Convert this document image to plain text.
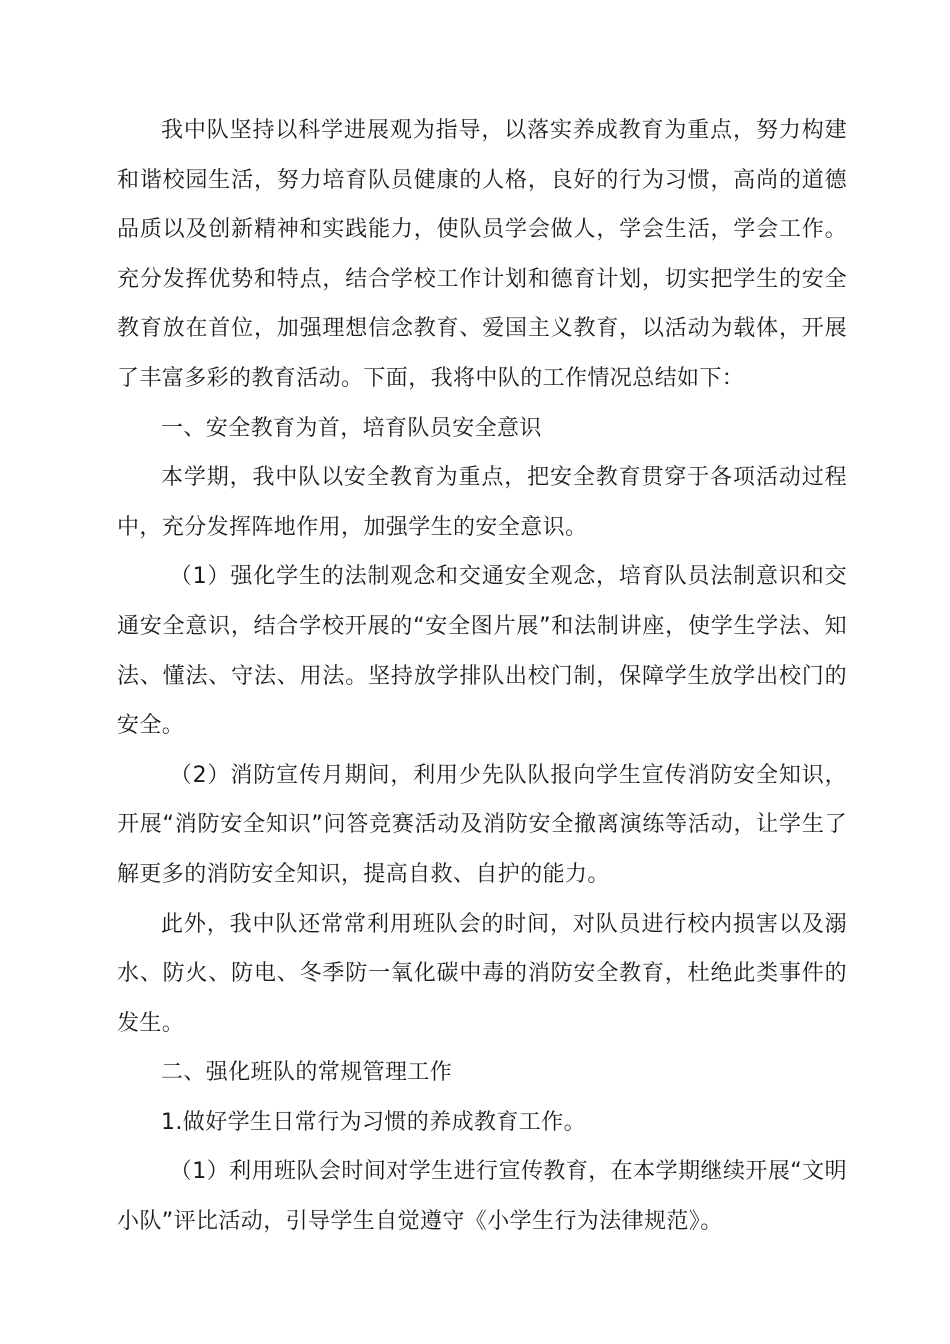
我中队坚持以科学进展观为指导，以落实养成教育为重点，努力构建和谐校园生活，努力培育队员健康的人格，良好的行为习惯，高尚的道德品质以及创新精神和实践能力，使队员学会做人，学会生活，学会工作。充分发挥优势和特点，结合学校工作计划和德育计划，切实把学生的安全教育放在首位，加强理想信念教育、爱国主义教育，以活动为载体，开展了丰富多彩的教育活动。下面，我将中队的工作情况总结如下：

一、安全教育为首，培育队员安全意识

本学期，我中队以安全教育为重点，把安全教育贯穿于各项活动过程中，充分发挥阵地作用，加强学生的安全意识。

（1）强化学生的法制观念和交通安全观念，培育队员法制意识和交通安全意识，结合学校开展的“安全图片展”和法制讲座，使学生学法、知法、懂法、守法、用法。坚持放学排队出校门制，保障学生放学出校门的安全。

（2）消防宣传月期间，利用少先队队报向学生宣传消防安全知识，开展“消防安全知识”问答竞赛活动及消防安全撤离演练等活动，让学生了解更多的消防安全知识，提高自救、自护的能力。

此外，我中队还常常利用班队会的时间，对队员进行校内损害以及溺水、防火、防电、冬季防一氧化碳中毒的消防安全教育，杜绝此类事件的发生。

二、强化班队的常规管理工作

1.做好学生日常行为习惯的养成教育工作。

（1）利用班队会时间对学生进行宣传教育，在本学期继续开展“文明小队”评比活动，引导学生自觉遵守《小学生行为法律规范》。
